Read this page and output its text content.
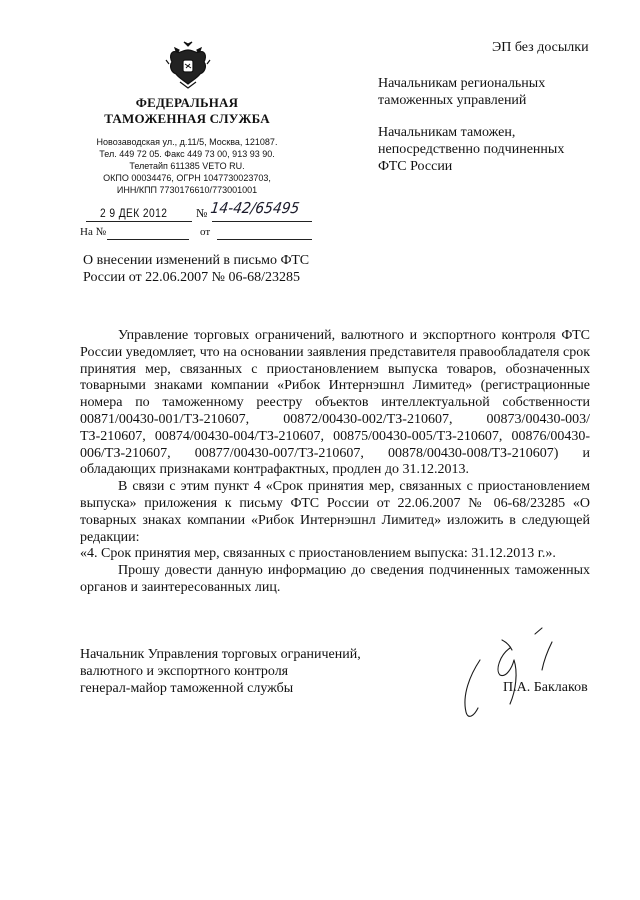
ЭП без досылки
ФЕДЕРАЛЬНАЯ
ТАМОЖЕННАЯ СЛУЖБА
Новозаводская ул., д.11/5, Москва, 121087.
Тел. 449 72 05. Факс 449 73 00, 913 93 90.
Телетайп 611385 VETO RU.
ОКПО 00034476, ОГРН 1047730023703,
ИНН/КПП 7730176610/773001001
2 9 ДЕК 2012 № 14-42/65495
На №	от
О внесении изменений в письмо ФТС
России от 22.06.2007 № 06-68/23285
Начальникам региональных
таможенных управлений
Начальникам таможен,
непосредственно подчиненных
ФТС России

Управление торговых ограничений, валютного и экспортного контроля ФТС России уведомляет, что на основании заявления представителя правообладателя срок принятия мер, связанных с приостановлением выпуска товаров, обозначенных товарными знаками компании «Рибок Интернэшнл Лимитед» (регистрационные номера по таможенному реестру объектов интеллектуальной собственности 00871/00430-001/ТЗ-210607, 00872/00430-002/ТЗ-210607, 00873/00430-003/ТЗ-210607, 00874/00430-004/ТЗ-210607, 00875/00430-005/ТЗ-210607, 00876/00430-006/ТЗ-210607, 00877/00430-007/ТЗ-210607, 00878/00430-008/ТЗ-210607) и обладающих признаками контрафактных, продлен до 31.12.2013.

В связи с этим пункт 4 «Срок принятия мер, связанных с приостановлением выпуска» приложения к письму ФТС России от 22.06.2007 № 06-68/23285 «О товарных знаках компании «Рибок Интернэшнл Лимитед» изложить в следующей редакции:

«4. Срок принятия мер, связанных с приостановлением выпуска: 31.12.2013 г.».

Прошу довести данную информацию до сведения подчиненных таможенных органов и заинтересованных лиц.

Начальник Управления торговых ограничений,
валютного и экспортного контроля
генерал-майор таможенной службы	П.А. Баклаков
